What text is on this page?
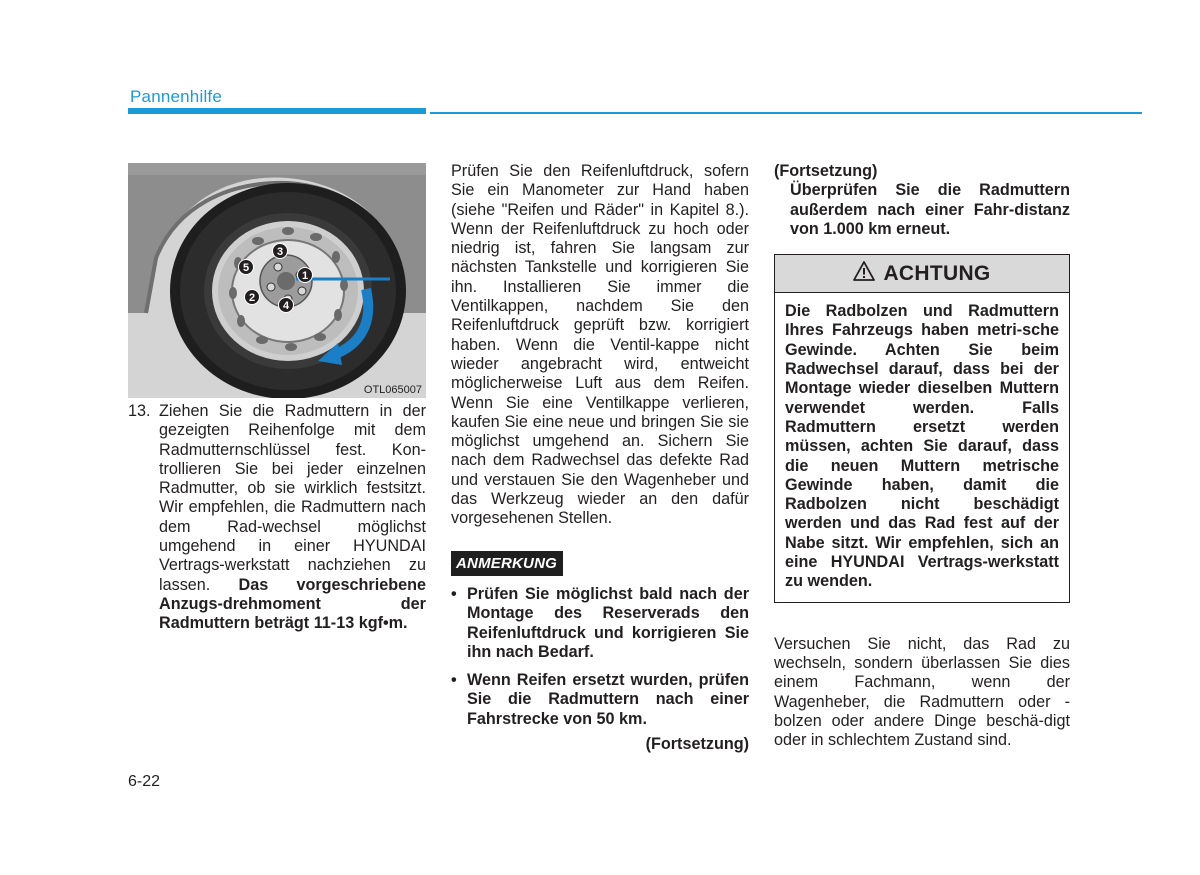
Pannenhilfe
1
2
3
4
5
OTL065007
13. Ziehen Sie die Radmuttern in der gezeigten Reihenfolge mit dem Radmutternschlüssel fest. Kon-trollieren Sie bei jeder einzelnen Radmutter, ob sie wirklich festsitzt. Wir empfehlen, die Radmuttern nach dem Rad-wechsel möglichst umgehend in einer HYUNDAI Vertrags-werkstatt nachziehen zu lassen. Das vorgeschriebene Anzugs-drehmoment der Radmuttern beträgt 11-13 kgf•m.

Prüfen Sie den Reifenluftdruck, sofern Sie ein Manometer zur Hand haben (siehe "Reifen und Räder" in Kapitel 8.). Wenn der Reifenluftdruck zu hoch oder niedrig ist, fahren Sie langsam zur nächsten Tankstelle und korrigieren Sie ihn. Installieren Sie immer die Ventilkappen, nachdem Sie den Reifenluftdruck geprüft bzw. korrigiert haben. Wenn die Ventil-kappe nicht wieder angebracht wird, entweicht möglicherweise Luft aus dem Reifen. Wenn Sie eine Ventilkappe verlieren, kaufen Sie eine neue und bringen Sie sie möglichst umgehend an. Sichern Sie nach dem Radwechsel das defekte Rad und verstauen Sie den Wagenheber und das Werkzeug wieder an den dafür vorgesehenen Stellen.

ANMERKUNG
• Prüfen Sie möglichst bald nach der Montage des Reserverads den Reifenluftdruck und korrigieren Sie ihn nach Bedarf.
• Wenn Reifen ersetzt wurden, prüfen Sie die Radmuttern nach einer Fahrstrecke von 50 km.
(Fortsetzung)
(Fortsetzung)
Überprüfen Sie die Radmuttern außerdem nach einer Fahr-distanz von 1.000 km erneut.
ACHTUNG
Die Radbolzen und Radmuttern Ihres Fahrzeugs haben metri-sche Gewinde. Achten Sie beim Radwechsel darauf, dass bei der Montage wieder dieselben Muttern verwendet werden. Falls Radmuttern ersetzt werden müssen, achten Sie darauf, dass die neuen Muttern metrische Gewinde haben, damit die Radbolzen nicht beschädigt werden und das Rad fest auf der Nabe sitzt. Wir empfehlen, sich an eine HYUNDAI Vertrags-werkstatt zu wenden.

Versuchen Sie nicht, das Rad zu wechseln, sondern überlassen Sie dies einem Fachmann, wenn der Wagenheber, die Radmuttern oder -bolzen oder andere Dinge beschä-digt oder in schlechtem Zustand sind.

6-22
